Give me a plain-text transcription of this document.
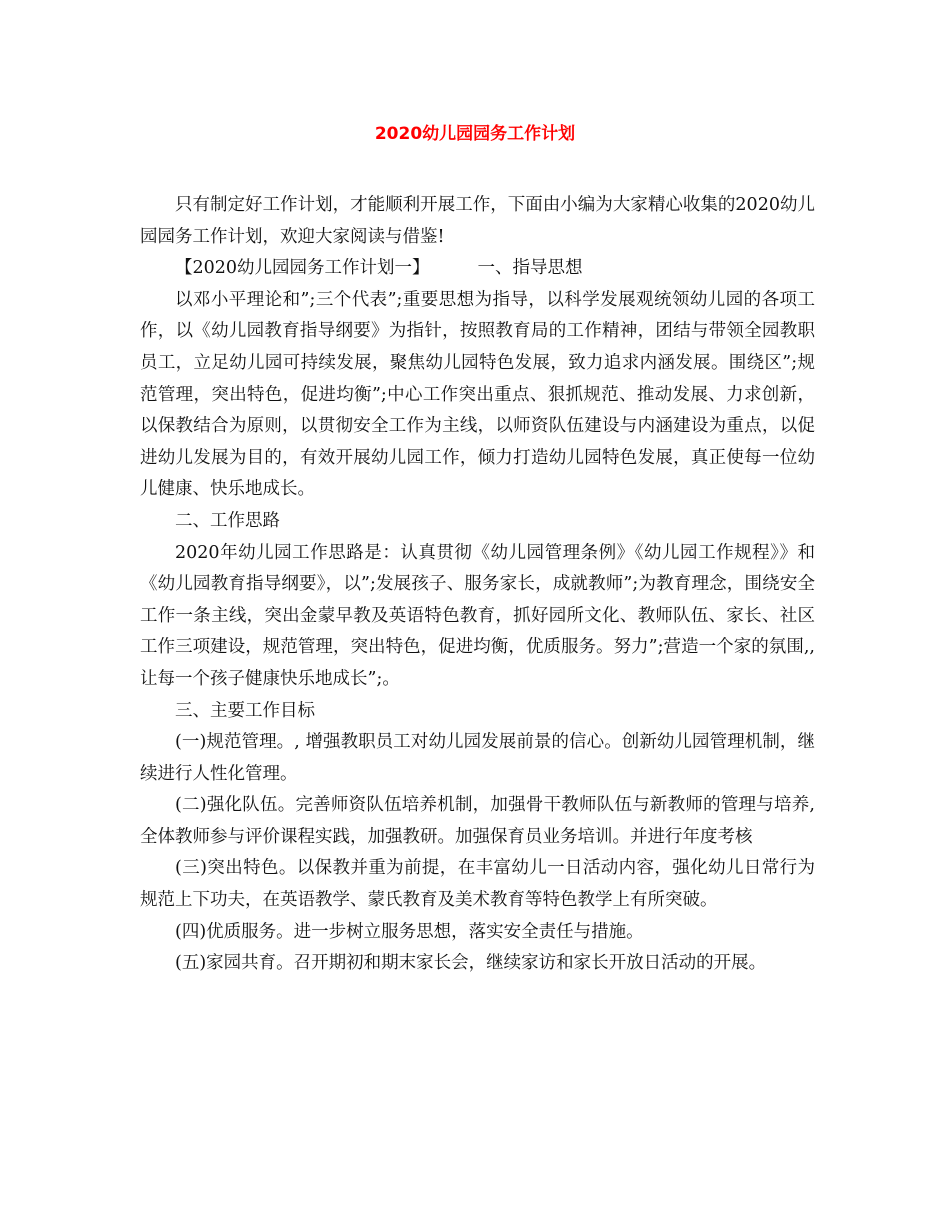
2020幼儿园园务工作计划

只有制定好工作计划，才能顺利开展工作，下面由小编为大家精心收集的2020幼儿园园务工作计划，欢迎大家阅读与借鉴!

【2020幼儿园园务工作计划一】	一、指导思想

以邓小平理论和”;三个代表”;重要思想为指导，以科学发展观统领幼儿园的各项工作，以《幼儿园教育指导纲要》为指针，按照教育局的工作精神，团结与带领全园教职员工，立足幼儿园可持续发展，聚焦幼儿园特色发展，致力追求内涵发展。围绕区”;规范管理，突出特色，促进均衡”;中心工作突出重点、狠抓规范、推动发展、力求创新，以保教结合为原则，以贯彻安全工作为主线，以师资队伍建设与内涵建设为重点，以促进幼儿发展为目的，有效开展幼儿园工作，倾力打造幼儿园特色发展，真正使每一位幼儿健康、快乐地成长。

二、工作思路

2020年幼儿园工作思路是：认真贯彻《幼儿园管理条例》《幼儿园工作规程》》和《幼儿园教育指导纲要》，以”;发展孩子、服务家长，成就教师”;为教育理念，围绕安全工作一条主线，突出金蒙早教及英语特色教育，抓好园所文化、教师队伍、家长、社区工作三项建设，规范管理，突出特色，促进均衡，优质服务。努力”;营造一个家的氛围,,让每一个孩子健康快乐地成长”;。

三、主要工作目标

(一)规范管理。, 增强教职员工对幼儿园发展前景的信心。创新幼儿园管理机制，继续进行人性化管理。

(二)强化队伍。完善师资队伍培养机制，加强骨干教师队伍与新教师的管理与培养,全体教师参与评价课程实践，加强教研。加强保育员业务培训。并进行年度考核

(三)突出特色。以保教并重为前提，在丰富幼儿一日活动内容，强化幼儿日常行为规范上下功夫，在英语教学、蒙氏教育及美术教育等特色教学上有所突破。

(四)优质服务。进一步树立服务思想，落实安全责任与措施。

(五)家园共育。召开期初和期末家长会，继续家访和家长开放日活动的开展。
